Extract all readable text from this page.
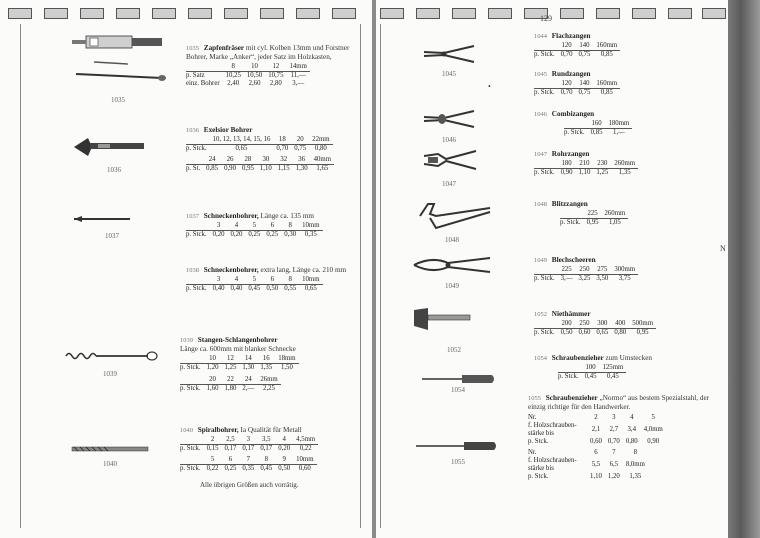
1035
1035 Zapfenfräser mit cyl. Kolben 13mm und Forstner Bohrer, Marke „Anker“, jeder Satz im Holzkasten,
	8	10	12	14mm
p. Satz	10,25	10,50	10,75	11,—
einz. Bohrer	2,40	2,60	2,80	3,—
1036
1036 Exelsior Bohrer
	10, 12, 13, 14, 15, 16	18	20	22mm
p. Stck.	0,65	0,70	0,75	0,80
	24	26	28	30	32	36	40mm
p. St.	0,85	0,90	0,95	1,10	1,15	1,30	1,65
1037
1037 Schneckenbohrer, Länge ca. 135 mm
	3	4	5	6	8	10mm
p. Stck.	0,20	0,20	0,25	0,25	0,30	0,35
1038 Schneckenbohrer, extra lang, Länge ca. 210 mm
	3	4	5	6	8	10mm
p. Stck.	0,40	0,40	0,45	0,50	0,55	0,65
1039
1039 Stangen-Schlangenbohrer
Länge ca. 600mm mit blanker Schnecke
	10	12	14	16	18mm
p. Stck.	1,20	1,25	1,30	1,35	1,50
	20	22	24	26mm
p. Stck.	1,60	1,80	2,—	2,25
1040
1040 Spiralbohrer, Ia Qualität für Metall
	2	2,5	3	3,5	4	4,5mm
p. Stck.	0,15	0,17	0,17	0,17	0,20	0,22
	5	6	7	8	9	10mm
p. Stck.	0,22	0,25	0,35	0,45	0,50	0,60
Alle übrigen Größen auch vorrätig.
129
1045
•
1046
1047
1048
1049
1052
1054
1055
1044 Flachzangen
	120	140	160mm
p. Stck.	0,70	0,75	0,85
1045 Rundzangen
	120	140	160mm
p. Stck.	0,70	0,75	0,85
1046 Combizangen
	160	180mm
p. Stck.	0,85	1,—
1047 Rohrzangen
	180	210	230	260mm
p. Stck.	0,90	1,10	1,25	1,35
1048 Blitzzangen
	225	260mm
p. Stck.	0,95	1,05
1049 Blechscheeren
	225	250	275	300mm
p. Stck.	3,—	3,25	3,50	3,75
1052 Niethämmer
	200	250	300	400	500mm
p. Stck.	0,50	0,60	0,65	0,80	0,95
1054 Schraubenzieher zum Umstecken
	100	125mm
p. Stck.	0,45	0,45
1055 Schraubenzieher „Normo“ aus bestem Spezialstahl, der einzig richtige für den Handwerker.
Nr.	2	3	4	5
f. Holzschrauben-stärke bis	2,1	2,7	3,4	4,0mm
p. Stck.	0,60	0,70	0,80	0,90
Nr.	6	7	8
f. Holzschrauben-stärke bis	5,5	6,5	8,0mm
p. Stck.	1,10	1,20	1,35
N
